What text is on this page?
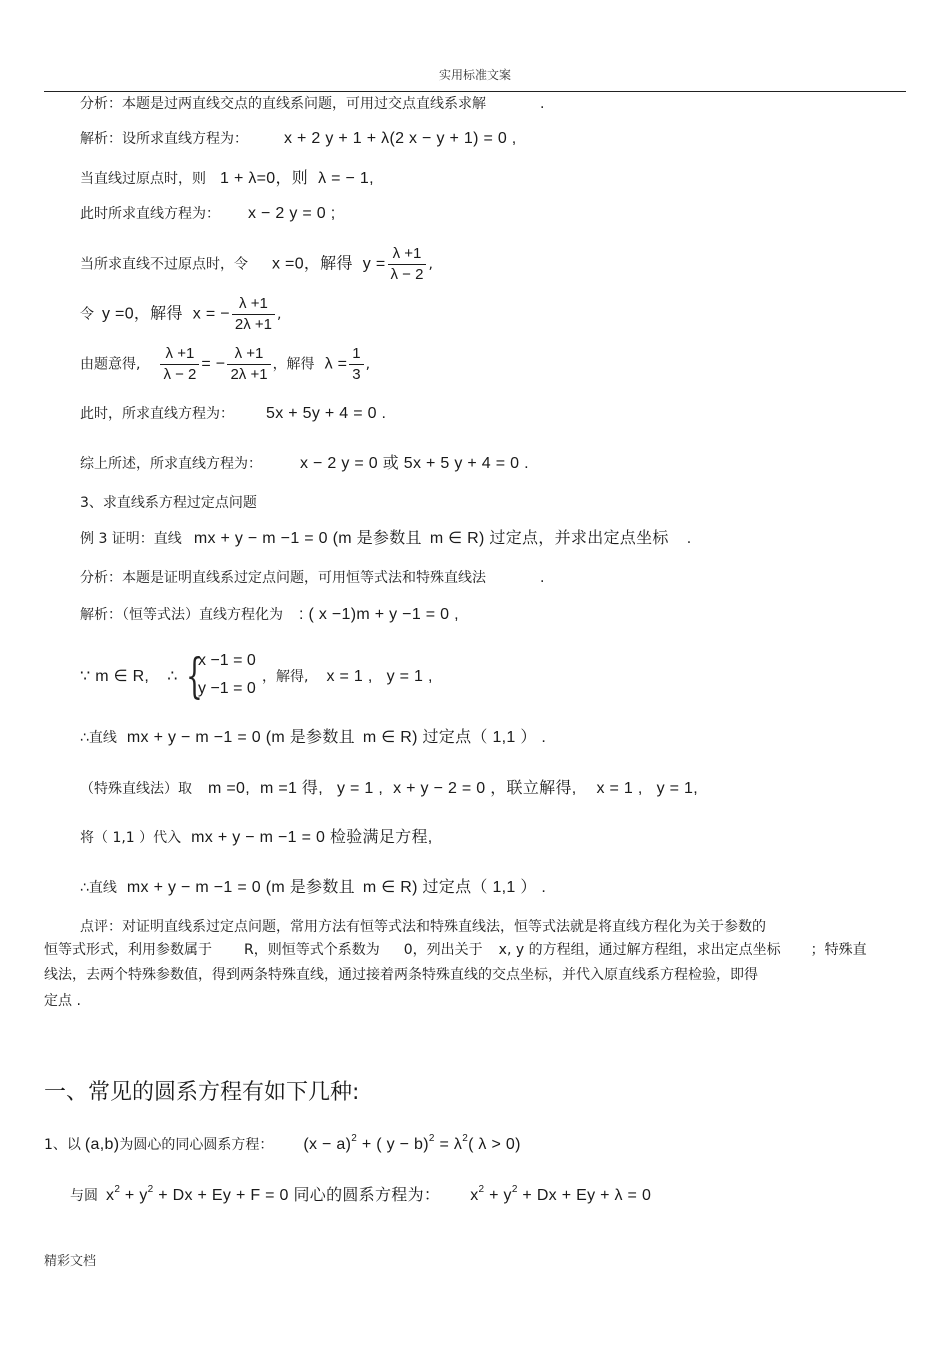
实用标准文案
分析：本题是过两直线交点的直线系问题，可用过交点直线系求解	.
解析：设所求直线方程为： x + 2 y + 1 + λ(2 x − y + 1) = 0 ,
当直线过原点时，则 1 + λ=0，则 λ = − 1,
此时所求直线方程为： x − 2 y = 0 ;
当所求直线不过原点时，令 x =0，解得 $y = \frac{\lambda +1}{\lambda - 2}$ ,
令 y =0，解得 x = − $\frac{\lambda +1}{2\lambda +1}$ ,
由题意得, $\frac{\lambda +1}{\lambda - 2}$ = − $\frac{\lambda +1}{2\lambda +1}$ ，解得 $\lambda = \frac{1}{3}$ ,
此时，所求直线方程为： 5x + 5y + 4 = 0 .
综上所述，所求直线方程为： x − 2 y = 0 或 5x + 5 y + 4 = 0 .
3、求直线系方程过定点问题
例 3 证明：直线 mx + y − m −1 = 0 (m 是参数且 m ∈ R) 过定点，并求出定点坐标 .
分析：本题是证明直线系过定点问题，可用恒等式法和特殊直线法	.
解析：（恒等式法）直线方程化为 : ( x −1)m + y −1 = 0 ,
∵ m ∈ R, ∴ {
x −1 = 0
y −1 = 0
，解得, x = 1 , y = 1 ,
∴直线 mx + y − m −1 = 0 (m 是参数且 m ∈ R) 过定点（ 1,1 ） .
（特殊直线法）取 m =0, m =1 得, y = 1 , x + y − 2 = 0 ，联立解得, x = 1 , y = 1,
将（ 1,1 ）代入 mx + y − m −1 = 0 检验满足方程,
∴直线 mx + y − m −1 = 0 (m 是参数且 m ∈ R) 过定点（ 1,1 ） .
点评：对证明直线系过定点问题，常用方法有恒等式法和特殊直线法，恒等式法就是将直线方程化为关于参数的
恒等式形式，利用参数属于 R，则恒等式个系数为 0，列出关于 x, y 的方程组，通过解方程组，求出定点坐标 ；特殊直
线法，去两个特殊参数值，得到两条特殊直线，通过接着两条特殊直线的交点坐标，并代入原直线系方程检验，即得
定点 .
一、常见的圆系方程有如下几种:
1、以 (a,b)为圆心的同心圆系方程： $(x - a)^2$ + ( $y - b)^2 = \lambda^2$( λ > 0)
与圆 $x^2 + y^2 + Dx + Ey + F = 0$ 同心的圆系方程为： $x^2 + y^2 + Dx + Ey + \lambda = 0$
精彩文档
